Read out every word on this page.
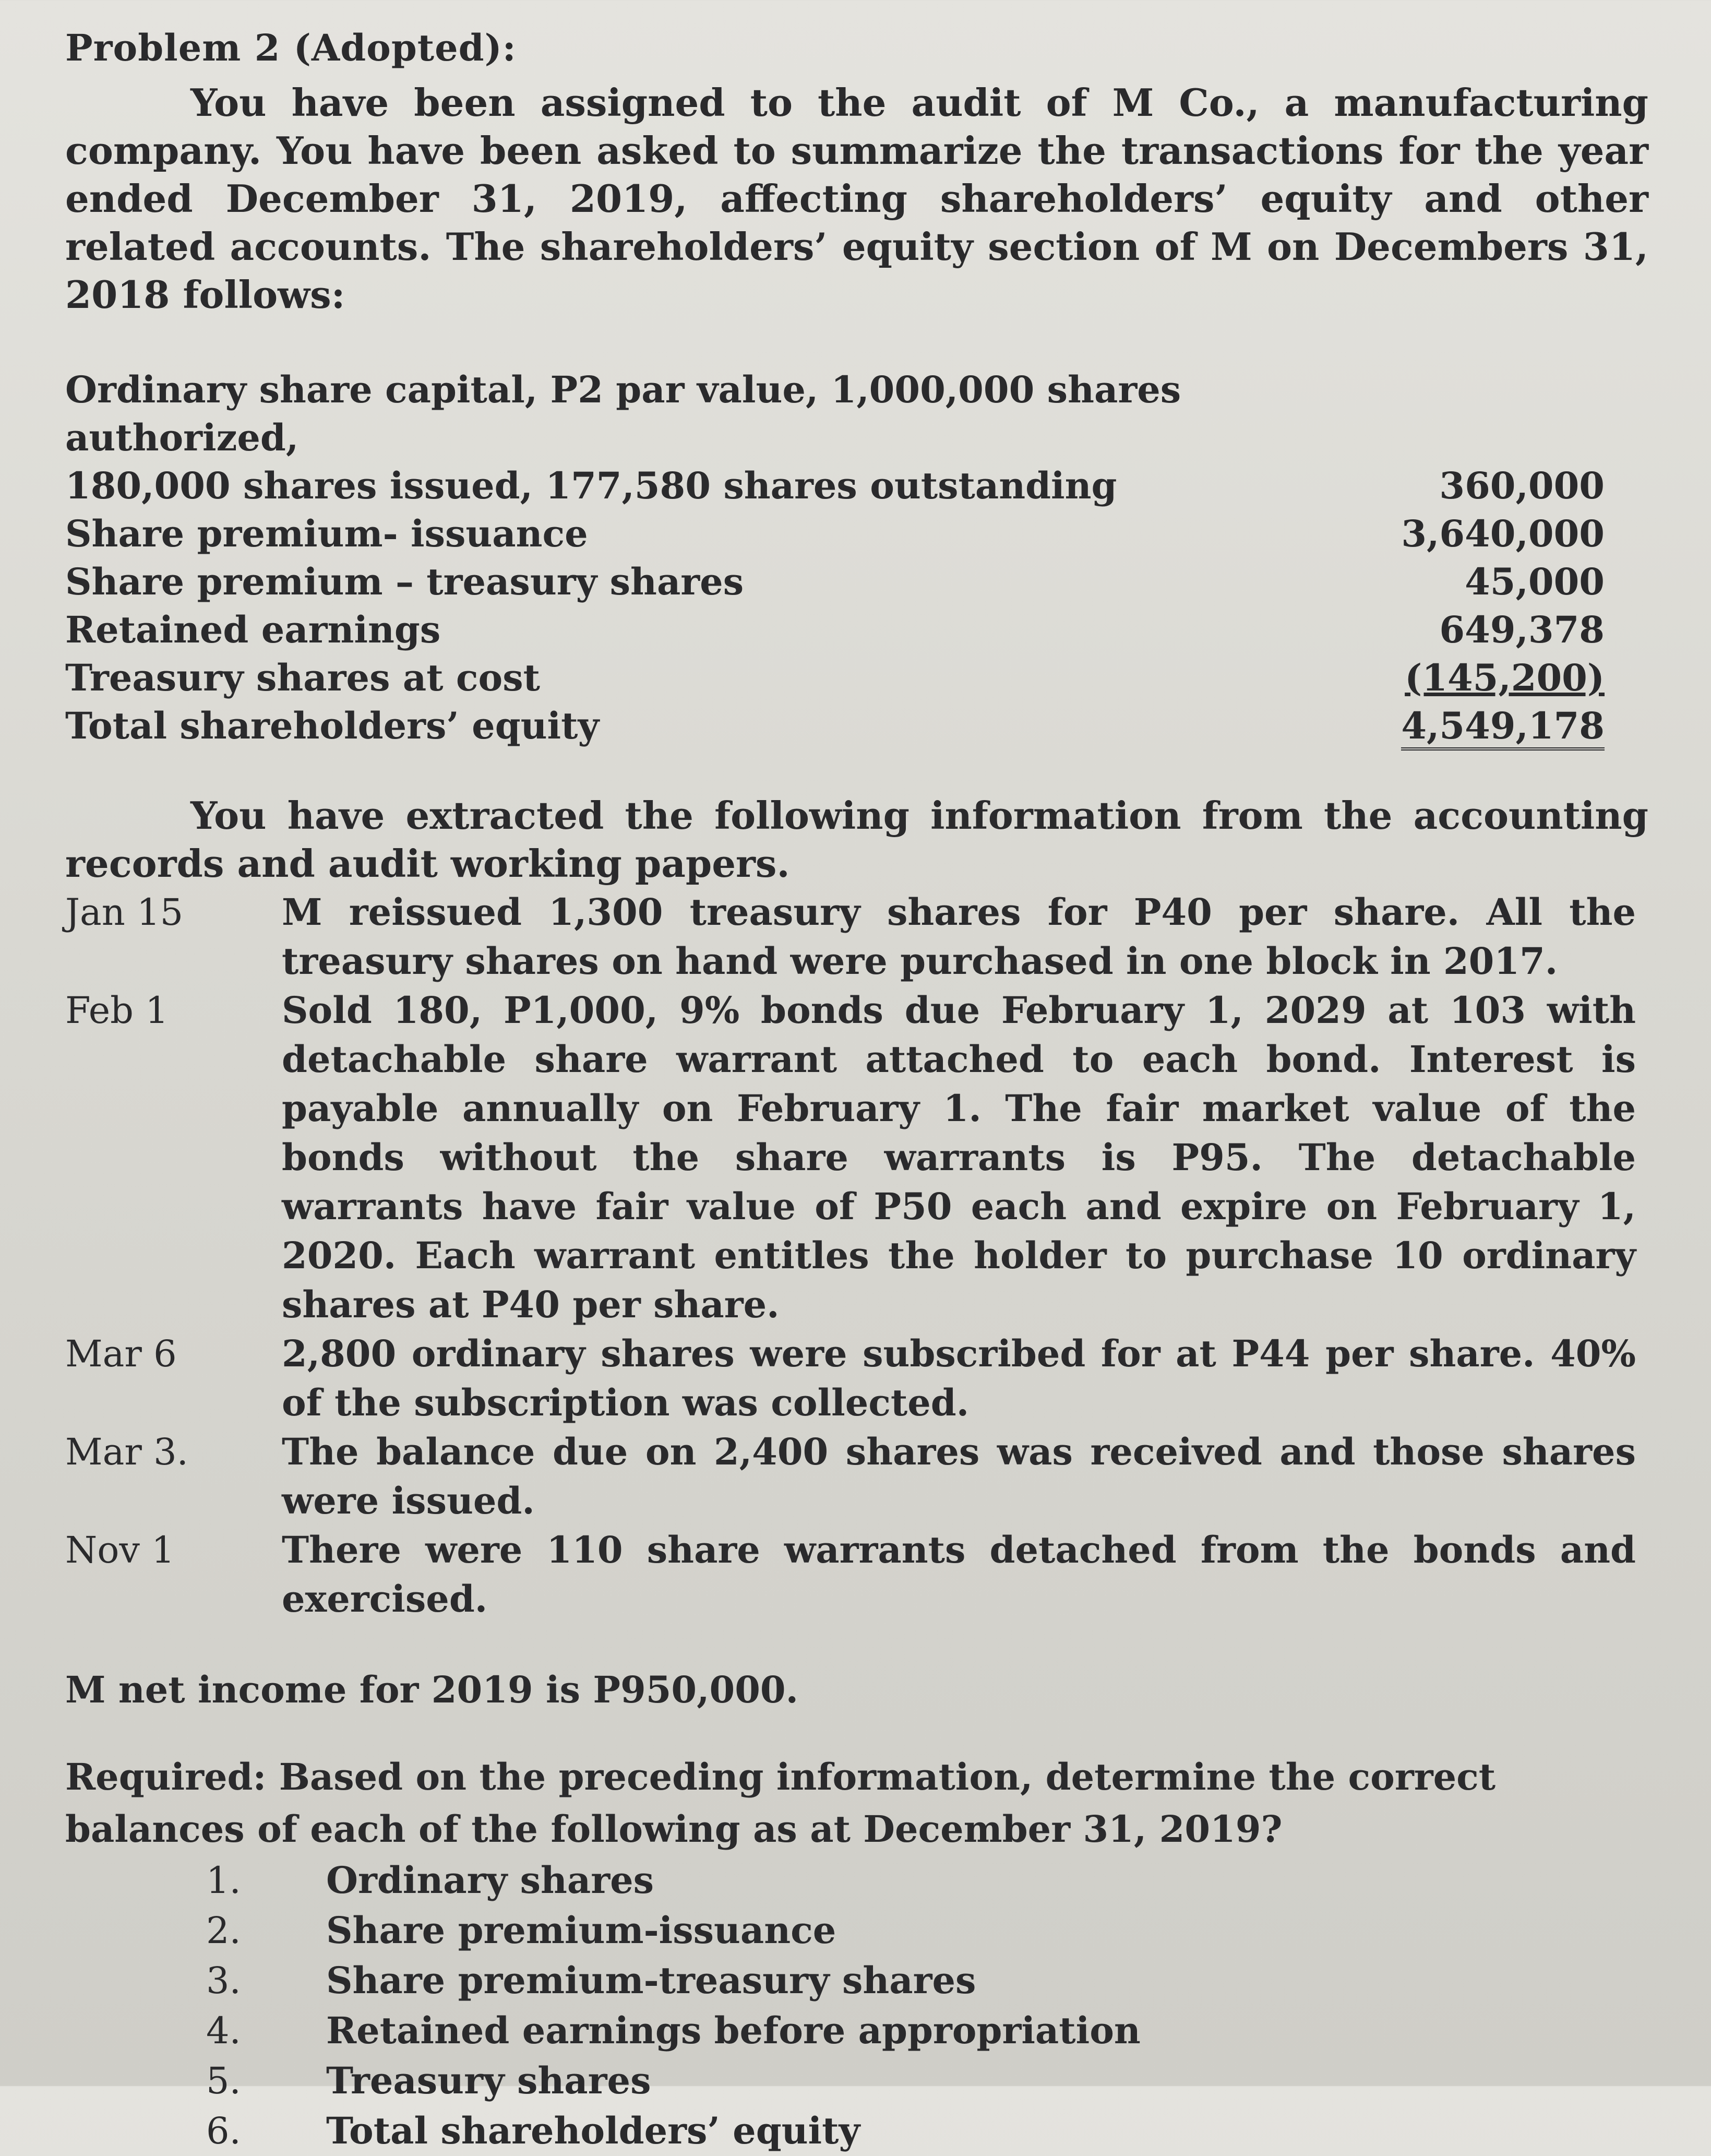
Problem 2 (Adopted):

You have been assigned to the audit of M Co., a manufacturing company. You have been asked to summarize the transactions for the year ended December 31, 2019, affecting shareholders’ equity and other related accounts. The shareholders’ equity section of M on Decembers 31, 2018 follows:

Ordinary share capital, P2 par value, 1,000,000 shares authorized,
180,000 shares issued, 177,580 shares outstanding	360,000
Share premium- issuance	3,640,000
Share premium – treasury shares	45,000
Retained earnings	649,378
Treasury shares at cost	(145,200)
Total shareholders’ equity	4,549,178

You have extracted the following information from the accounting records and audit working papers.

Jan 15	M reissued 1,300 treasury shares for P40 per share. All the treasury shares on hand were purchased in one block in 2017.
Feb 1	Sold 180, P1,000, 9% bonds due February 1, 2029 at 103 with detachable share warrant attached to each bond. Interest is payable annually on February 1. The fair market value of the bonds without the share warrants is P95. The detachable warrants have fair value of P50 each and expire on February 1, 2020. Each warrant entitles the holder to purchase 10 ordinary shares at P40 per share.
Mar 6	2,800 ordinary shares were subscribed for at P44 per share. 40% of the subscription was collected.
Mar 3.	The balance due on 2,400 shares was received and those shares were issued.
Nov 1	There were 110 share warrants detached from the bonds and exercised.
M net income for 2019 is P950,000.
Required: Based on the preceding information, determine the correct balances of each of the following as at December 31, 2019?
1.	Ordinary shares
2.	Share premium-issuance
3.	Share premium-treasury shares
4.	Retained earnings before appropriation
5.	Treasury shares
6.	Total shareholders’ equity
